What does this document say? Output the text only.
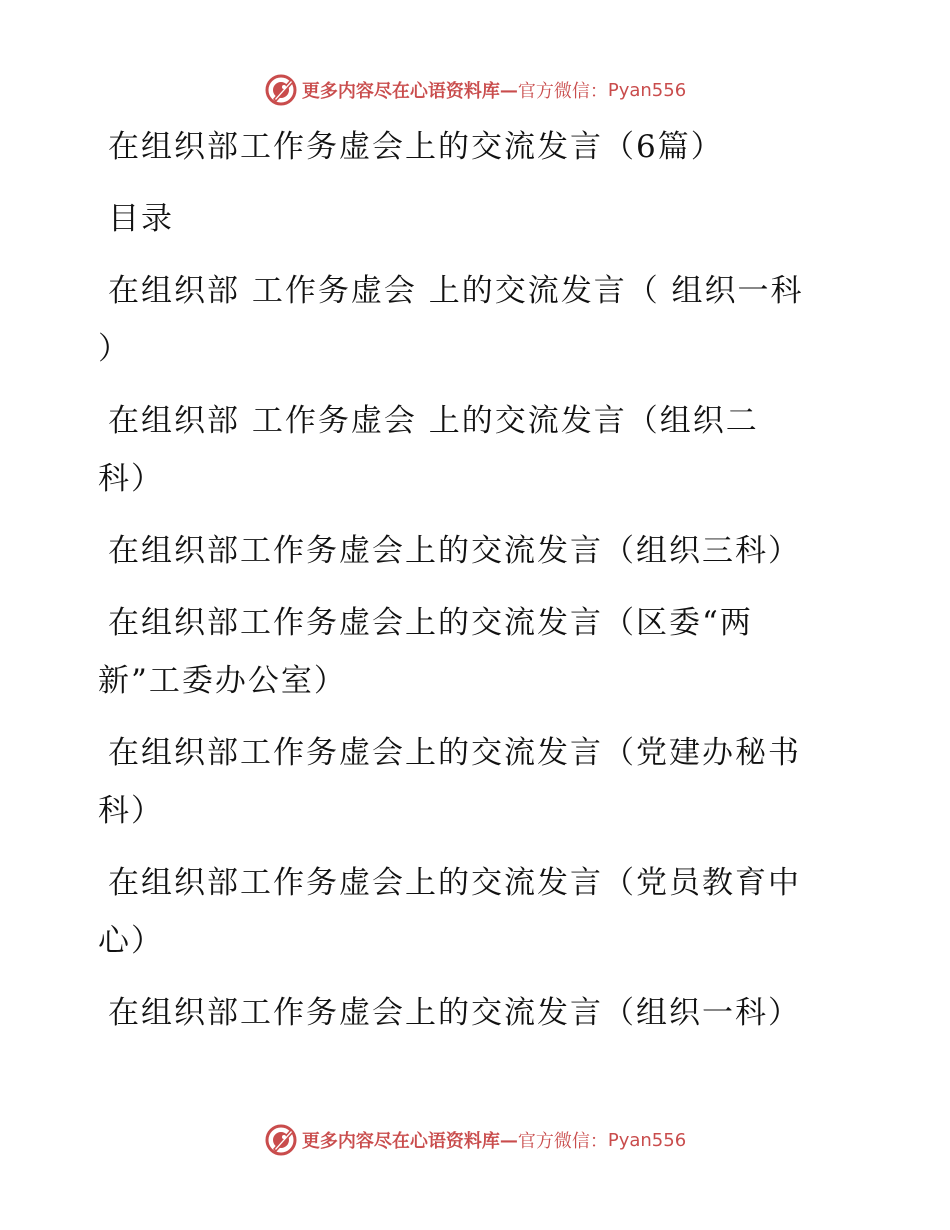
更多内容尽在心语资料库 — 官方微信： Pyan556

在组织部工作务虚会上的交流发言（6篇）

目录

在组织部 工作务虚会 上的交流发言（ 组织一科

）

在组织部 工作务虚会 上的交流发言（组织二

科）

在组织部工作务虚会上的交流发言（组织三科）

在组织部工作务虚会上的交流发言（区委“两

新”工委办公室）

在组织部工作务虚会上的交流发言（党建办秘书

科）

在组织部工作务虚会上的交流发言（党员教育中

心）

在组织部工作务虚会上的交流发言（组织一科）

更多内容尽在心语资料库 — 官方微信： Pyan556
